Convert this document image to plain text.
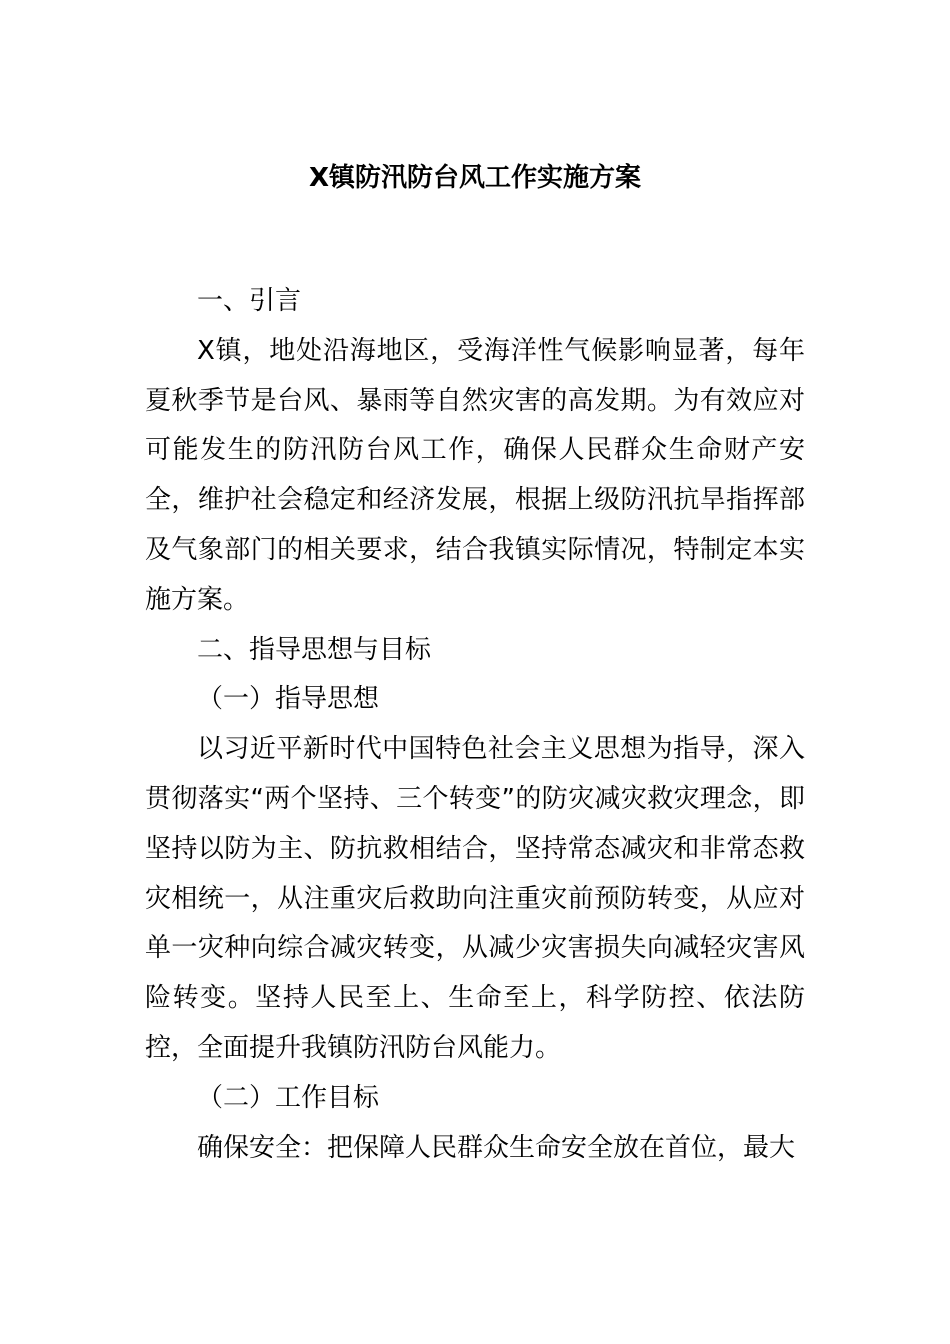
X镇防汛防台风工作实施方案

一、引言

X镇，地处沿海地区，受海洋性气候影响显著，每年夏秋季节是台风、暴雨等自然灾害的高发期。为有效应对可能发生的防汛防台风工作，确保人民群众生命财产安全，维护社会稳定和经济发展，根据上级防汛抗旱指挥部及气象部门的相关要求，结合我镇实际情况，特制定本实施方案。

二、指导思想与目标

（一）指导思想

以习近平新时代中国特色社会主义思想为指导，深入贯彻落实“两个坚持、三个转变”的防灾减灾救灾理念，即坚持以防为主、防抗救相结合，坚持常态减灾和非常态救灾相统一，从注重灾后救助向注重灾前预防转变，从应对单一灾种向综合减灾转变，从减少灾害损失向减轻灾害风险转变。坚持人民至上、生命至上，科学防控、依法防控，全面提升我镇防汛防台风能力。

（二）工作目标

确保安全：把保障人民群众生命安全放在首位，最大
